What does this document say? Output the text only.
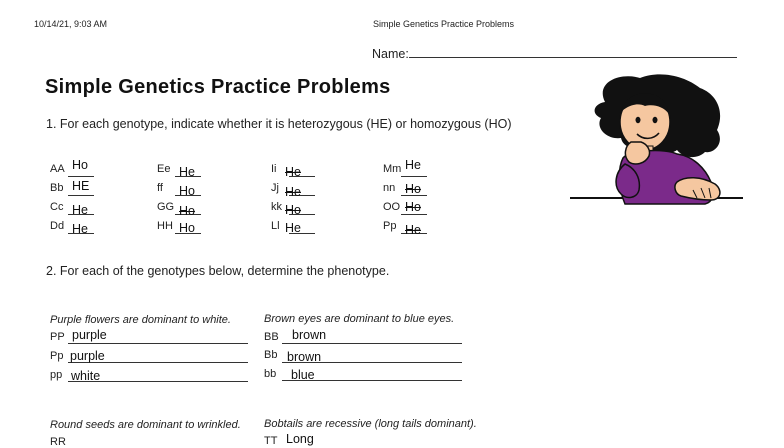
10/14/21, 9:03 AM	Simple Genetics Practice Problems
Name:
Simple Genetics Practice Problems
1. For each genotype, indicate whether it is heterozygous (HE) or homozygous (HO)
AA Ho
Bb HE
Cc He
Dd He
Ee He
ff Ho
GG Ho
HH Ho
Ii He
Jj He
kk Ho
Ll He
Mm He
nn Ho
OO Ho
Pp He
2. For each of the genotypes below, determine the phenotype.
Purple flowers are dominant to white.	Brown eyes are dominant to blue eyes.
Round seeds are dominant to wrinkled. Bobtails are recessive (long tails dominant).
PP purple
Pp purple
pp white
BB brown
Bb brown
bb blue
RR	TT Long
